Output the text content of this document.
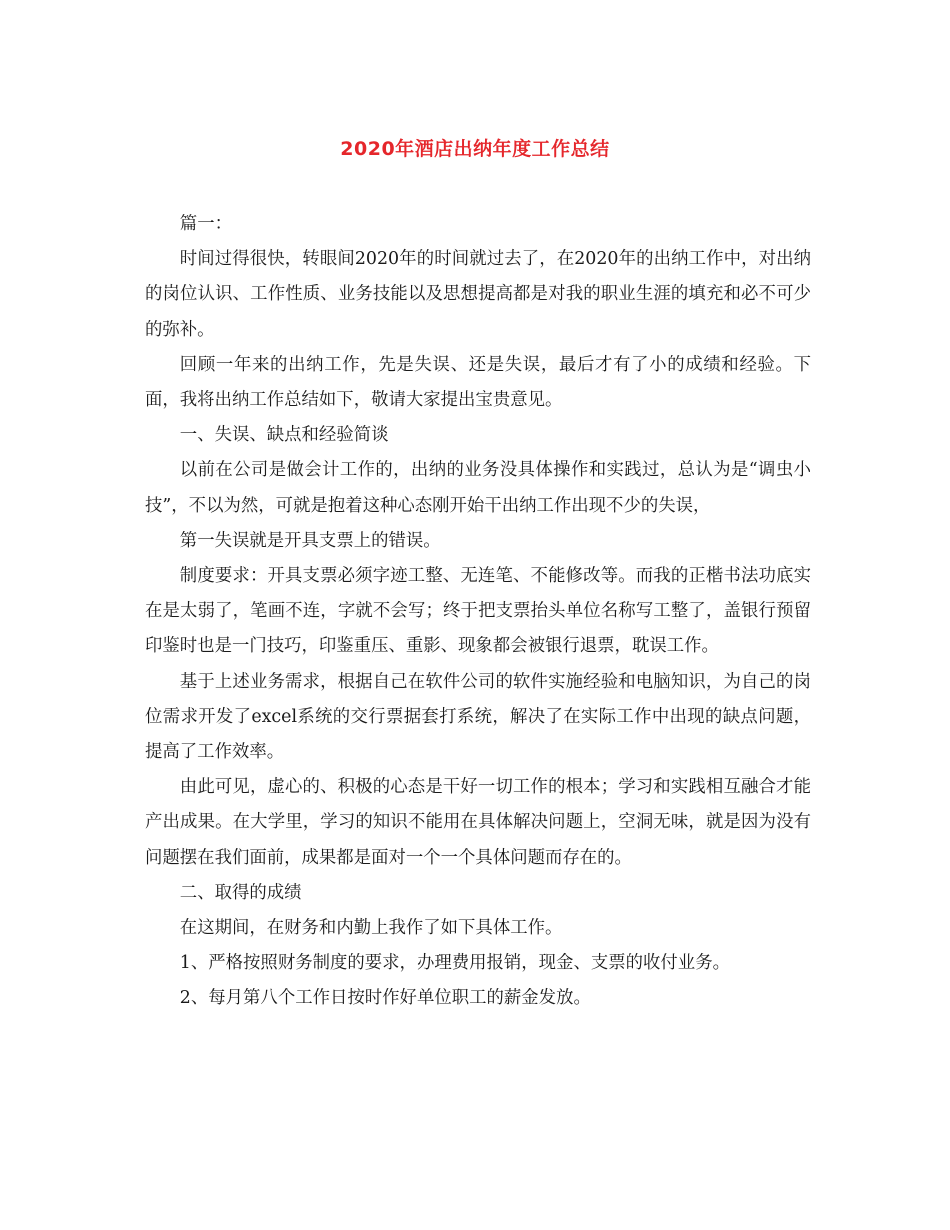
2020年酒店出纳年度工作总结

篇一：

时间过得很快，转眼间2020年的时间就过去了，在2020年的出纳工作中，对出纳的岗位认识、工作性质、业务技能以及思想提高都是对我的职业生涯的填充和必不可少的弥补。

回顾一年来的出纳工作，先是失误、还是失误，最后才有了小的成绩和经验。下面，我将出纳工作总结如下，敬请大家提出宝贵意见。

一、失误、缺点和经验简谈

以前在公司是做会计工作的，出纳的业务没具体操作和实践过，总认为是“调虫小技”，不以为然，可就是抱着这种心态刚开始干出纳工作出现不少的失误，

第一失误就是开具支票上的错误。

制度要求：开具支票必须字迹工整、无连笔、不能修改等。而我的正楷书法功底实在是太弱了，笔画不连，字就不会写；终于把支票抬头单位名称写工整了，盖银行预留印鉴时也是一门技巧，印鉴重压、重影、现象都会被银行退票，耽误工作。

基于上述业务需求，根据自己在软件公司的软件实施经验和电脑知识，为自己的岗位需求开发了excel系统的交行票据套打系统，解决了在实际工作中出现的缺点问题，提高了工作效率。

由此可见，虚心的、积极的心态是干好一切工作的根本；学习和实践相互融合才能产出成果。在大学里，学习的知识不能用在具体解决问题上，空洞无味，就是因为没有问题摆在我们面前，成果都是面对一个一个具体问题而存在的。

二、取得的成绩

在这期间，在财务和内勤上我作了如下具体工作。

1、严格按照财务制度的要求，办理费用报销，现金、支票的收付业务。

2、每月第八个工作日按时作好单位职工的薪金发放。
